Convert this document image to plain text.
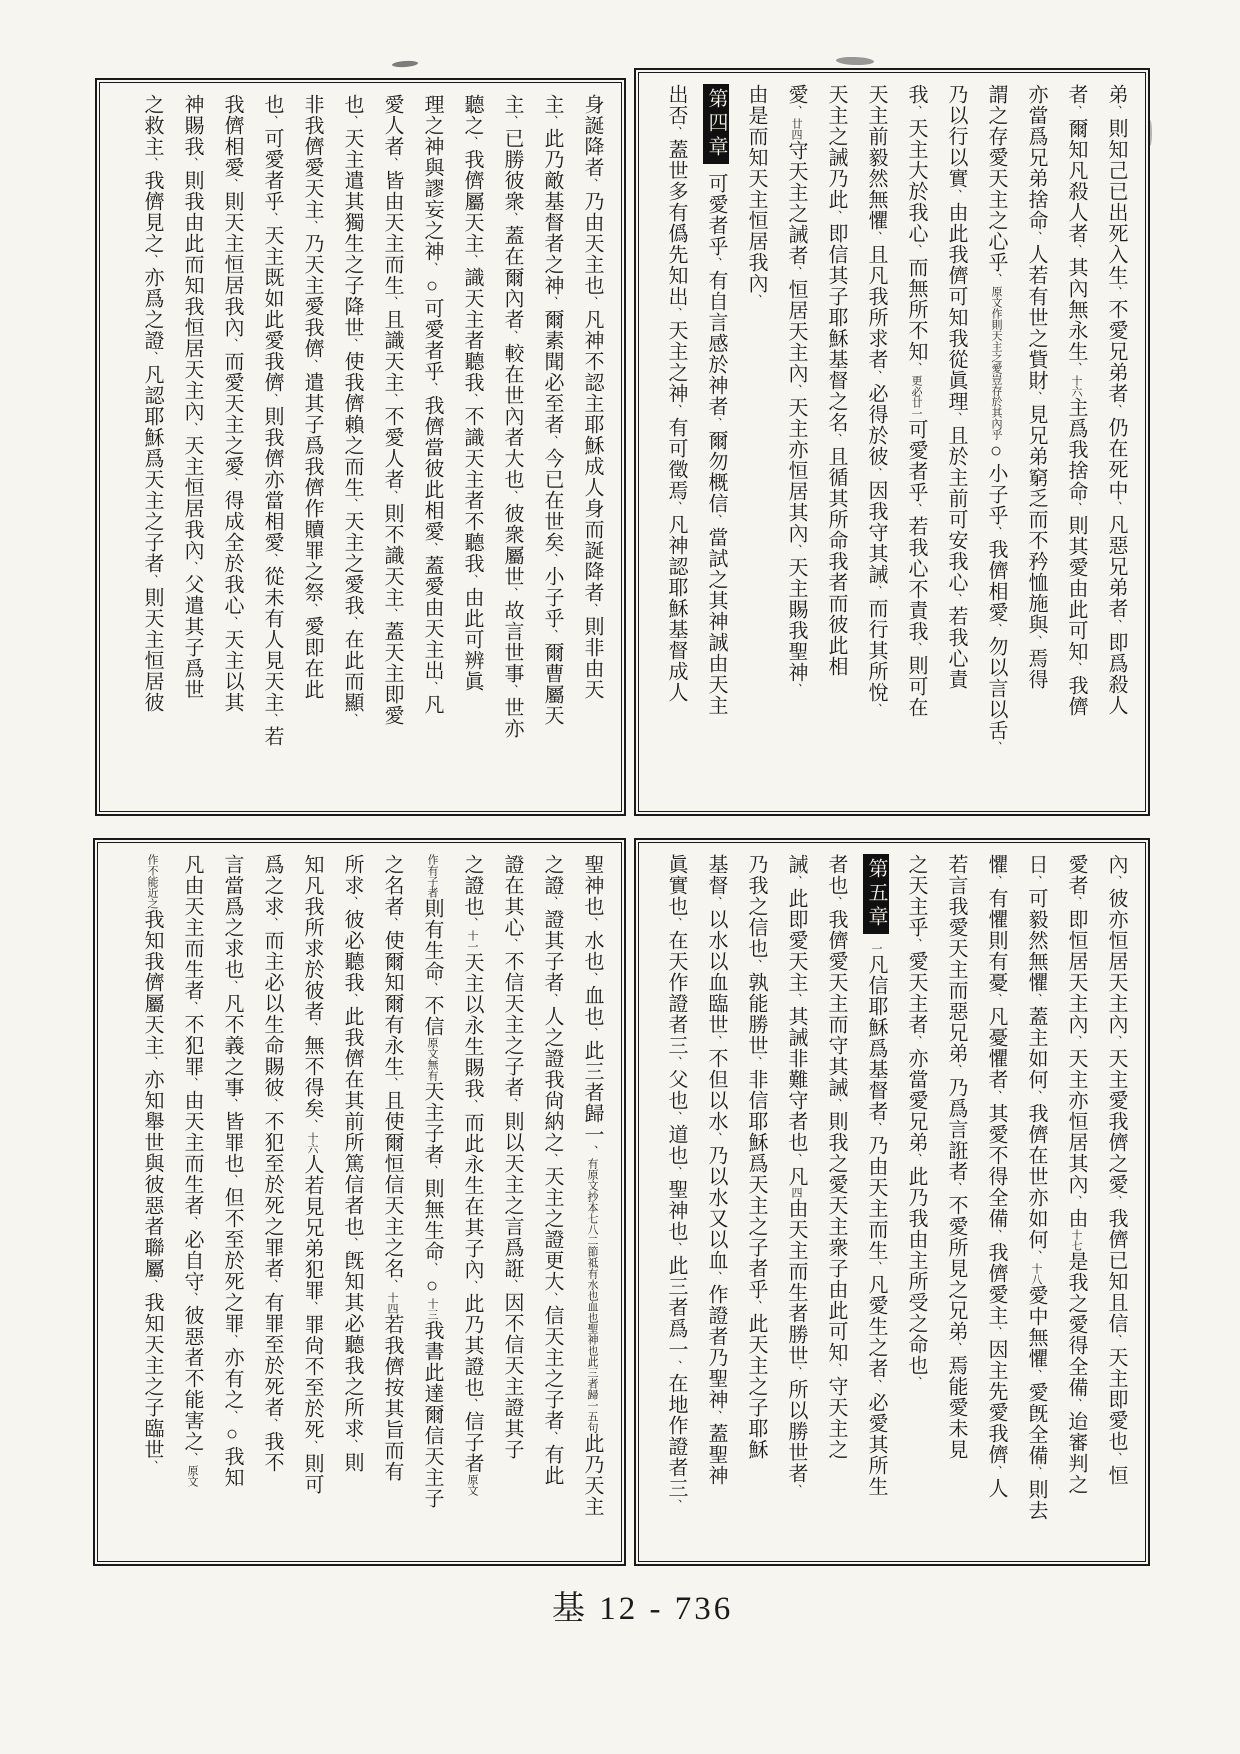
弟、則知己已出死入生、不愛兄弟者、仍在死中、凡惡兄弟者、即爲殺人
者、爾知凡殺人者、其內無永生、十六主爲我捨命、則其愛由此可知、我儕
亦當爲兄弟捨命、人若有世之貲財、見兄弟窮乏而不矜恤施與、焉得
謂之存愛天主之心乎、原文作則天主之愛豈存於其內乎○小子乎、我儕相愛、勿以言以舌、
乃以行以實、由此我儕可知我從眞理、且於主前可安我心、若我心責
我、天主大於我心、而無所不知、更必廿一可愛者乎、若我心不責我、則可在
天主前毅然無懼、且凡我所求者、必得於彼、因我守其誡、而行其所悅、
天主之誡乃此、即信其子耶穌基督之名、且循其所命我者而彼此相
愛、廿四守天主之誡者、恒居天主內、天主亦恒居其內、天主賜我聖神、
由是而知天主恒居我內、
第四章可愛者乎、有自言感於神者、爾勿概信、當試之其神誠由天主
出否、蓋世多有僞先知出、天主之神、有可徵焉、凡神認耶穌基督成人
身誕降者、乃由天主也、凡神不認主耶穌成人身而誕降者、則非由天
主、此乃敵基督者之神、爾素聞必至者、今已在世矣、小子乎、爾曹屬天
主、已勝彼衆、蓋在爾內者、較在世內者大也、彼衆屬世、故言世事、世亦
聽之、我儕屬天主、識天主者聽我、不識天主者不聽我、由此可辨眞
理之神與謬妄之神、○可愛者乎、我儕當彼此相愛、蓋愛由天主出、凡
愛人者、皆由天主而生、且識天主、不愛人者、則不識天主、蓋天主即愛
也、天主遣其獨生之子降世、使我儕賴之而生、天主之愛我、在此而顯、
非我儕愛天主、乃天主愛我儕、遣其子爲我儕作贖罪之祭、愛即在此
也、可愛者乎、天主既如此愛我儕、則我儕亦當相愛、從未有人見天主、若
我儕相愛、則天主恒居我內、而愛天主之愛、得成全於我心、天主以其
神賜我、則我由此而知我恒居天主內、天主恒居我內、父遣其子爲世
之救主、我儕見之、亦爲之證、凡認耶穌爲天主之子者、則天主恒居彼
內、彼亦恒居天主內、天主愛我儕之愛、我儕已知且信、天主即愛也、恒
愛者、即恒居天主內、天主亦恒居其內、由十七是我之愛得全備、迨審判之
日、可毅然無懼、蓋主如何、我儕在世亦如何、十八愛中無懼、愛旣全備、則去
懼、有懼則有憂、凡憂懼者、其愛不得全備、我儕愛主、因主先愛我儕、人
若言我愛天主而惡兄弟、乃爲言誑者、不愛所見之兄弟、焉能愛未見
之天主乎、愛天主者、亦當愛兄弟、此乃我由主所受之命也、
第五章一凡信耶穌爲基督者、乃由天主而生、凡愛生之者、必愛其所生
者也、我儕愛天主而守其誡、則我之愛天主衆子由此可知、守天主之
誡、此即愛天主、其誡非難守者也、凡四由天主而生者勝世、所以勝世者、
乃我之信也、孰能勝世、非信耶穌爲天主之子者乎、此天主之子耶穌
基督、以水以血臨世、不但以水、乃以水又以血、作證者乃聖神、蓋聖神
眞實也、在天作證者三、父也、道也、聖神也、此三者爲一、在地作證者三、
聖神也、水也、血也、此三者歸一、有原文抄本七八二節祗有水也血也聖神也此三者歸一五句此乃天主
之證、證其子者、人之證我尙納之、天主之證更大、信天主之子者、有此
證在其心、不信天主之子者、則以天主之言爲誑、因不信天主證其子
之證也、十一天主以永生賜我、而此永生在其子內、此乃其證也、信子者原文
作有子者則有生命、不信原文無有天主子者、則無生命、○十三我書此達爾信天主子
之名者、使爾知爾有永生、且使爾恒信天主之名、十四若我儕按其旨而有
所求、彼必聽我、此我儕在其前所篤信者也、旣知其必聽我之所求、則
知凡我所求於彼者、無不得矣、十六人若見兄弟犯罪、罪尙不至於死、則可
爲之求、而主必以生命賜彼、不犯至於死之罪者、有罪至於死者、我不
言當爲之求也、凡不義之事、皆罪也、但不至於死之罪、亦有之、○我知
凡由天主而生者、不犯罪、由天主而生者、必自守、彼惡者不能害之、原文
作不能近之我知我儕屬天主、亦知舉世與彼惡者聯屬、我知天主之子臨世、
基 12 - 736
